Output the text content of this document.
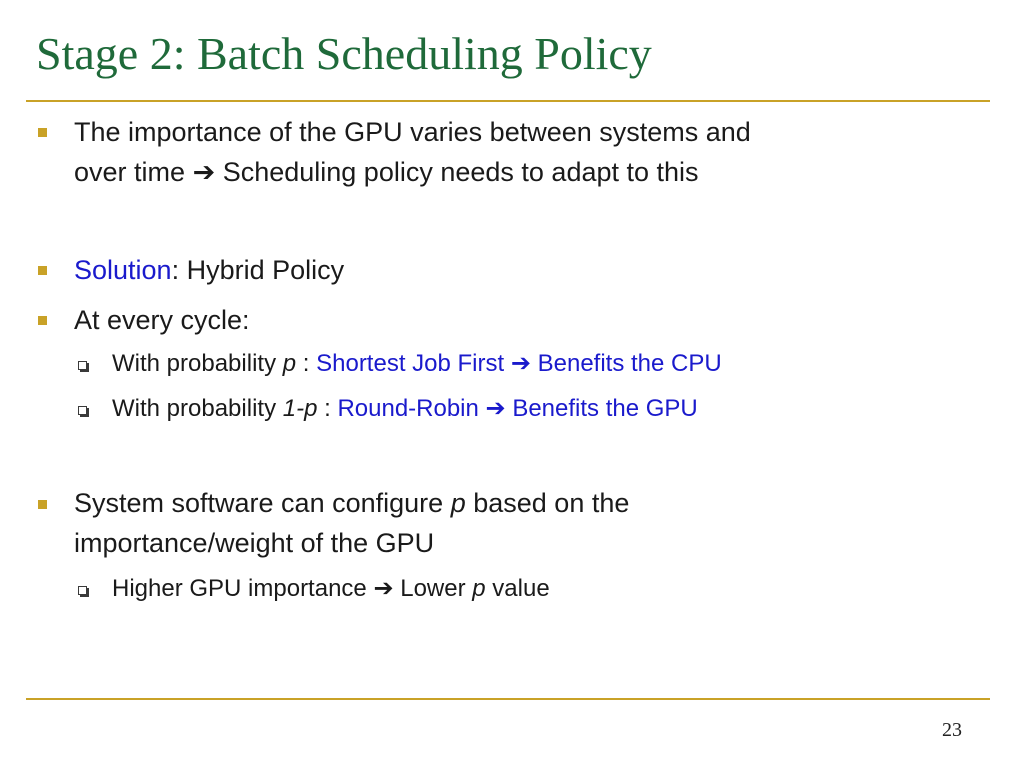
Stage 2: Batch Scheduling Policy
The importance of the GPU varies between systems and
over time ➔ Scheduling policy needs to adapt to this
Solution: Hybrid Policy
At every cycle:
With probability p : Shortest Job First ➔ Benefits the CPU
With probability 1-p : Round-Robin ➔ Benefits the GPU
System software can configure p based on the
importance/weight of the GPU
Higher GPU importance ➔ Lower p value
23
